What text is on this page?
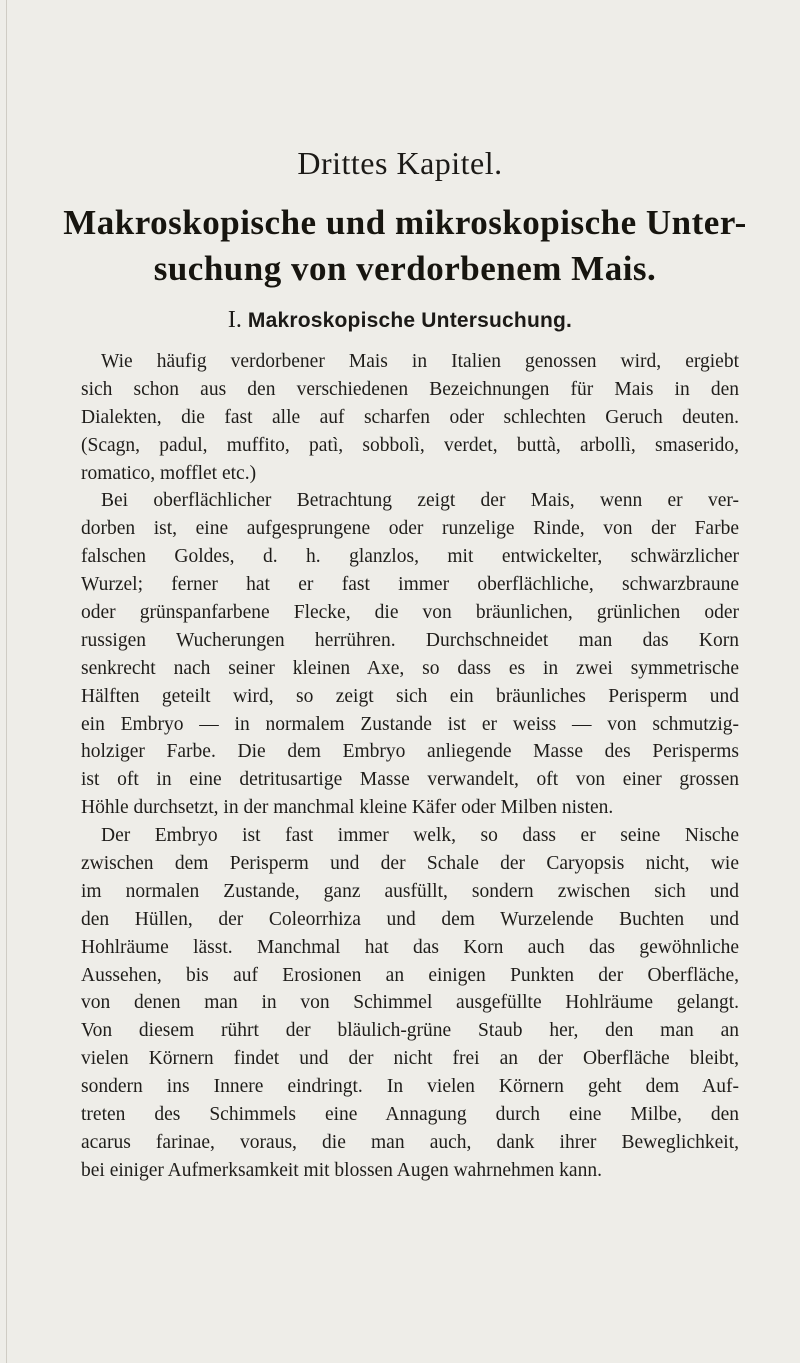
Drittes Kapitel.
Makroskopische und mikroskopische Unter-
suchung von verdorbenem Mais.
I. Makroskopische Untersuchung.
Wie häufig verdorbener Mais in Italien genossen wird, ergiebt
sich schon aus den verschiedenen Bezeichnungen für Mais in den
Dialekten, die fast alle auf scharfen oder schlechten Geruch deuten.
(Scagn, padul, muffito, patì, sobbolì, verdet, buttà, arbollì, smaserido,
romatico, mofflet etc.)
Bei oberflächlicher Betrachtung zeigt der Mais, wenn er ver-
dorben ist, eine aufgesprungene oder runzelige Rinde, von der Farbe
falschen Goldes, d. h. glanzlos, mit entwickelter, schwärzlicher
Wurzel; ferner hat er fast immer oberflächliche, schwarzbraune
oder grünspanfarbene Flecke, die von bräunlichen, grünlichen oder
russigen Wucherungen herrühren. Durchschneidet man das Korn
senkrecht nach seiner kleinen Axe, so dass es in zwei symmetrische
Hälften geteilt wird, so zeigt sich ein bräunliches Perisperm und
ein Embryo — in normalem Zustande ist er weiss — von schmutzig-
holziger Farbe. Die dem Embryo anliegende Masse des Perisperms
ist oft in eine detritusartige Masse verwandelt, oft von einer grossen
Höhle durchsetzt, in der manchmal kleine Käfer oder Milben nisten.
Der Embryo ist fast immer welk, so dass er seine Nische
zwischen dem Perisperm und der Schale der Caryopsis nicht, wie
im normalen Zustande, ganz ausfüllt, sondern zwischen sich und
den Hüllen, der Coleorrhiza und dem Wurzelende Buchten und
Hohlräume lässt. Manchmal hat das Korn auch das gewöhnliche
Aussehen, bis auf Erosionen an einigen Punkten der Oberfläche,
von denen man in von Schimmel ausgefüllte Hohlräume gelangt.
Von diesem rührt der bläulich-grüne Staub her, den man an
vielen Körnern findet und der nicht frei an der Oberfläche bleibt,
sondern ins Innere eindringt. In vielen Körnern geht dem Auf-
treten des Schimmels eine Annagung durch eine Milbe, den
acarus farinae, voraus, die man auch, dank ihrer Beweglichkeit,
bei einiger Aufmerksamkeit mit blossen Augen wahrnehmen kann.
